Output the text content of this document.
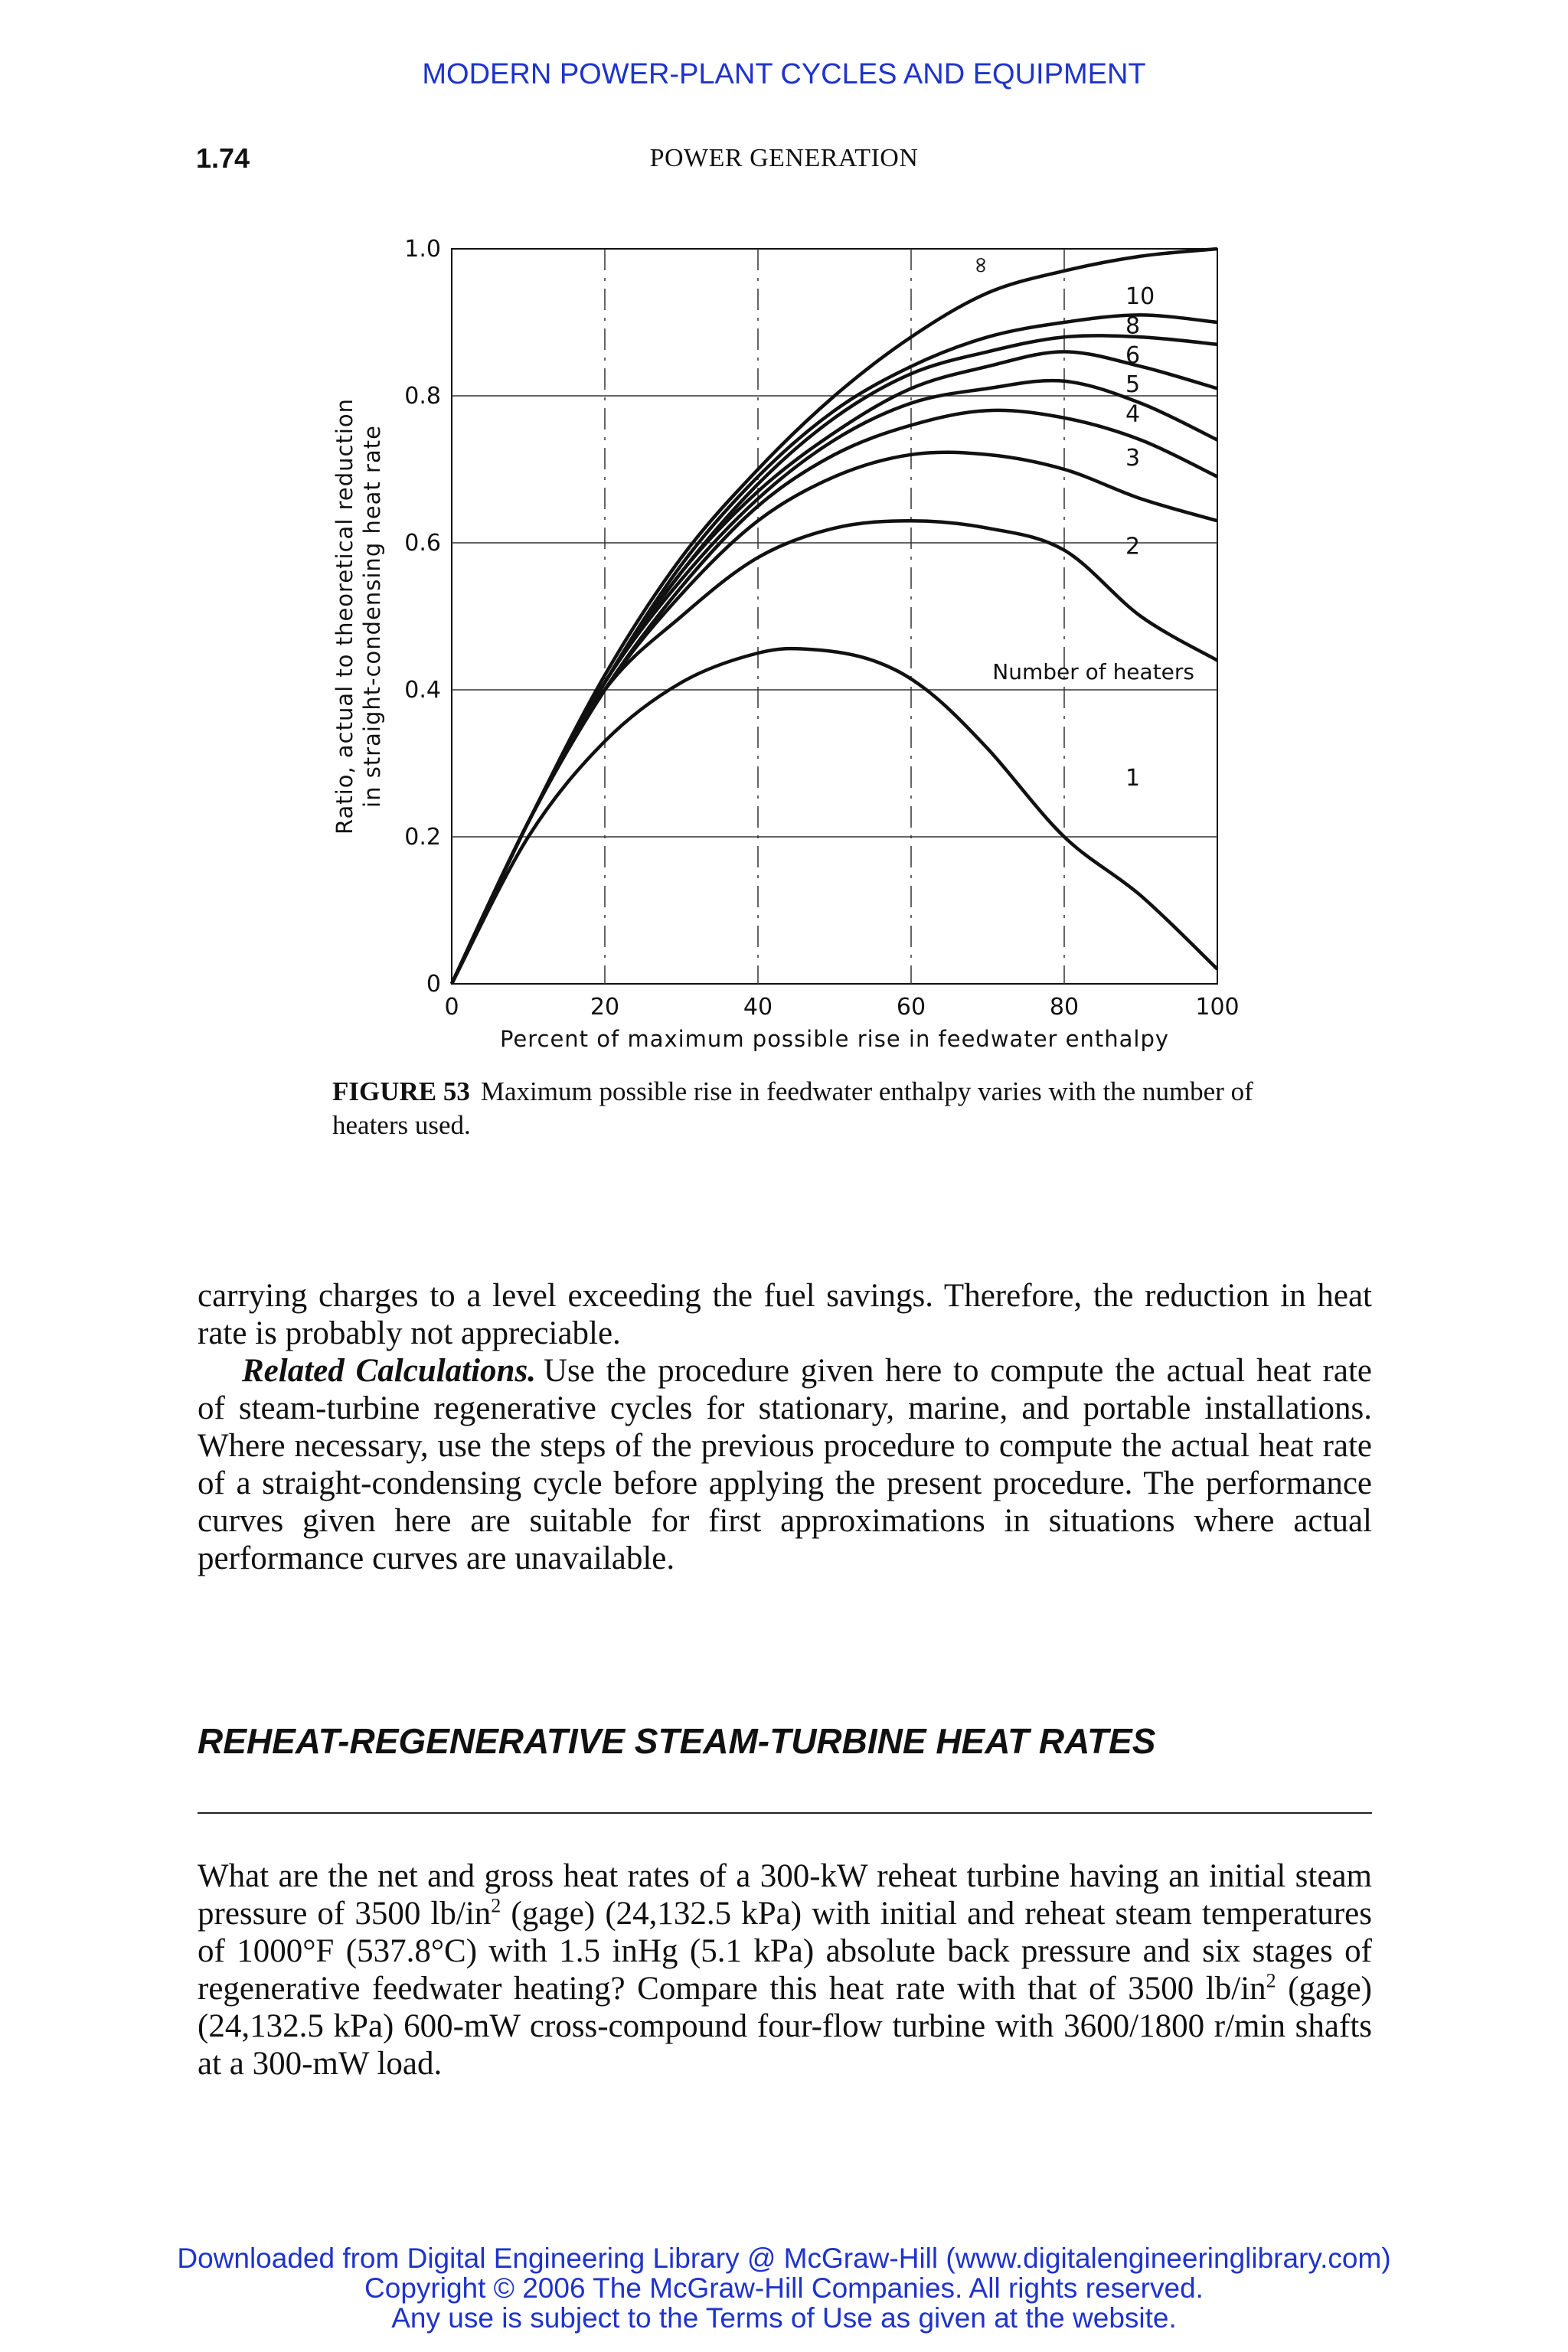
MODERN POWER-PLANT CYCLES AND EQUIPMENT
1.74	POWER GENERATION
0	20	40	60	80	100
0
0.2
0.4
0.6
0.8
1.0
1
2
3
4
5
6
8
10
∞
Number of heaters
Percent of maximum possible rise in feedwater enthalpy
Ratio, actual to theoretical reduction in straight-condensing heat rate
FIGURE 53 Maximum possible rise in feedwater enthalpy varies with the number of heaters used.

carrying charges to a level exceeding the fuel savings. Therefore, the reduction in heat rate is probably not appreciable.

Related Calculations. Use the procedure given here to compute the actual heat rate of steam-turbine regenerative cycles for stationary, marine, and portable installations. Where necessary, use the steps of the previous procedure to compute the actual heat rate of a straight-condensing cycle before applying the present procedure. The performance curves given here are suitable for first approximations in situations where actual performance curves are unavailable.

REHEAT-REGENERATIVE STEAM-TURBINE HEAT RATES

What are the net and gross heat rates of a 300-kW reheat turbine having an initial steam pressure of 3500 $lb/in^2$ (gage) (24,132.5 kPa) with initial and reheat steam temperatures of 1000°F (537.8°C) with 1.5 inHg (5.1 kPa) absolute back pressure and six stages of regenerative feedwater heating? Compare this heat rate with that of 3500 $lb/in^2$ (gage) (24,132.5 kPa) 600-mW cross-compound four-flow turbine with 3600/1800 r/min shafts at a 300-mW load.

Downloaded from Digital Engineering Library @ McGraw-Hill (www.digitalengineeringlibrary.com)
Copyright © 2006 The McGraw-Hill Companies. All rights reserved.
Any use is subject to the Terms of Use as given at the website.
